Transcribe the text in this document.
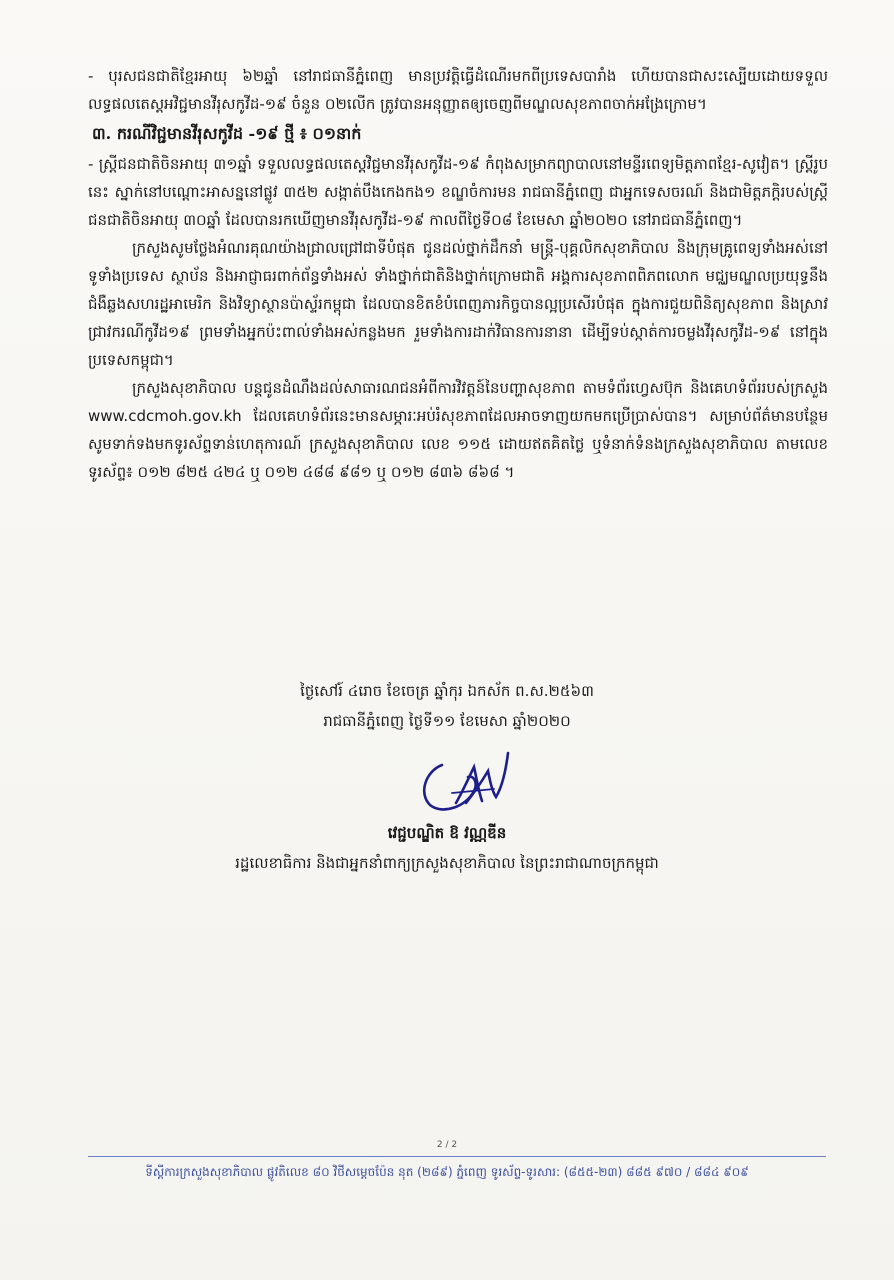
- បុរសជនជាតិខ្មែរអាយុ ៦២ឆ្នាំ នៅរាជធានីភ្នំពេញ មានប្រវត្តិធ្វើដំណើរមកពីប្រទេសបារាំង ហើយបានជាសះស្បើយដោយទទួលលទ្ធផលតេស្តអវិជ្ជមានវីរុសកូវីដ-១៩ ចំនួន ០២លើក ត្រូវបានអនុញ្ញាតឲ្យចេញពីមណ្ឌលសុខភាពចាក់អង្រែក្រោម។

៣. ករណីវិជ្ជមានវីរុសកូវីដ -១៩ ថ្មី ៖ ០១នាក់

- ស្ត្រីជនជាតិចិនអាយុ ៣១ឆ្នាំ ទទួលលទ្ធផលតេស្តវិជ្ជមានវីរុសកូវីដ-១៩ កំពុងសម្រាកព្យាបាលនៅមន្ទីរពេទ្យមិត្តភាពខ្មែរ-សូវៀត។ ស្ត្រីរូបនេះ ស្នាក់នៅបណ្តោះអាសន្ននៅផ្លូវ ៣៥២ សង្កាត់បឹងកេងកង១ ខណ្ឌចំការមន រាជធានីភ្នំពេញ ជាអ្នកទេសចរណ៍ និងជាមិត្តភក្ដិរបស់ស្ត្រីជនជាតិចិនអាយុ ៣០ឆ្នាំ ដែលបានរកឃើញមានវីរុសកូវីដ-១៩ កាលពីថ្ងៃទី០៨ ខែមេសា ឆ្នាំ២០២០ នៅរាជធានីភ្នំពេញ។

ក្រសួងសូមថ្លែងអំណរគុណយ៉ាងជ្រាលជ្រៅជាទីបំផុត ជូនដល់ថ្នាក់ដឹកនាំ មន្ត្រី-បុគ្គលិកសុខាភិបាល និងក្រុមគ្រូពេទ្យទាំងអស់នៅទូទាំងប្រទេស ស្ថាប័ន និងអាជ្ញាធរពាក់ព័ន្ធទាំងអស់ ទាំងថ្នាក់ជាតិនិងថ្នាក់ក្រោមជាតិ អង្គការសុខភាពពិភពលោក មជ្ឈមណ្ឌលប្រយុទ្ធនឹងជំងឺឆ្លងសហរដ្ឋអាមេរិក និងវិទ្យាស្ថានប៉ាស្ទ័រកម្ពុជា ដែលបានខិតខំបំពេញភារកិច្ចបានល្អប្រសើរបំផុត ក្នុងការជួយពិនិត្យសុខភាព និងស្រាវជ្រាវករណីកូវីដ១៩ ព្រមទាំងអ្នកប៉ះពាល់ទាំងអស់កន្លងមក រួមទាំងការដាក់វិធានការនានា ដើម្បីទប់ស្កាត់ការចម្លងវីរុសកូវីដ-១៩ នៅក្នុងប្រទេសកម្ពុជា។

ក្រសួងសុខាភិបាល បន្តជូនដំណឹងដល់សាធារណជនអំពីការវិវត្តន៍នៃបញ្ហាសុខភាព តាមទំព័រហ្វេសប៊ុក និងគេហទំព័ររបស់ក្រសួង www.cdcmoh.gov.kh ដែលគេហទំព័រនេះមានសម្ភារៈអប់រំសុខភាពដែលអាចទាញយកមកប្រើប្រាស់បាន។ សម្រាប់ព័ត៌មានបន្ថែម សូមទាក់ទងមកទូរស័ព្ទទាន់ហេតុការណ៍ ក្រសួងសុខាភិបាល លេខ ១១៥ ដោយឥតគិតថ្លៃ ឬទំនាក់ទំនងក្រសួងសុខាភិបាល តាមលេខទូរស័ព្ទ៖ ០១២ ៨២៥ ៤២៤ ឬ ០១២ ៤៨៨ ៩៨១ ឬ ០១២ ៨៣៦ ៨៦៨ ។

ថ្ងៃសៅរ៍ ៤រោច ខែចេត្រ ឆ្នាំកុរ ឯកស័ក ព.ស.២៥៦៣
រាជធានីភ្នំពេញ ថ្ងៃទី១១ ខែមេសា ឆ្នាំ២០២០
វេជ្ជបណ្ឌិត ឱ វណ្ណឌីន
រដ្ឋលេខាធិការ និងជាអ្នកនាំពាក្យក្រសួងសុខាភិបាល នៃព្រះរាជាណាចក្រកម្ពុជា
2 / 2
ទីស្តីការក្រសួងសុខាភិបាល ផ្លូវតិលេខ ៨០ វិថីសម្តេចប៉ែន នុត (២៨៩) ភ្នំពេញ ទូរស័ព្ទ-ទូរសារ: (៨៥៥-២៣) ៨៨៥ ៩៧០ / ៨៨៤ ៩០៩
